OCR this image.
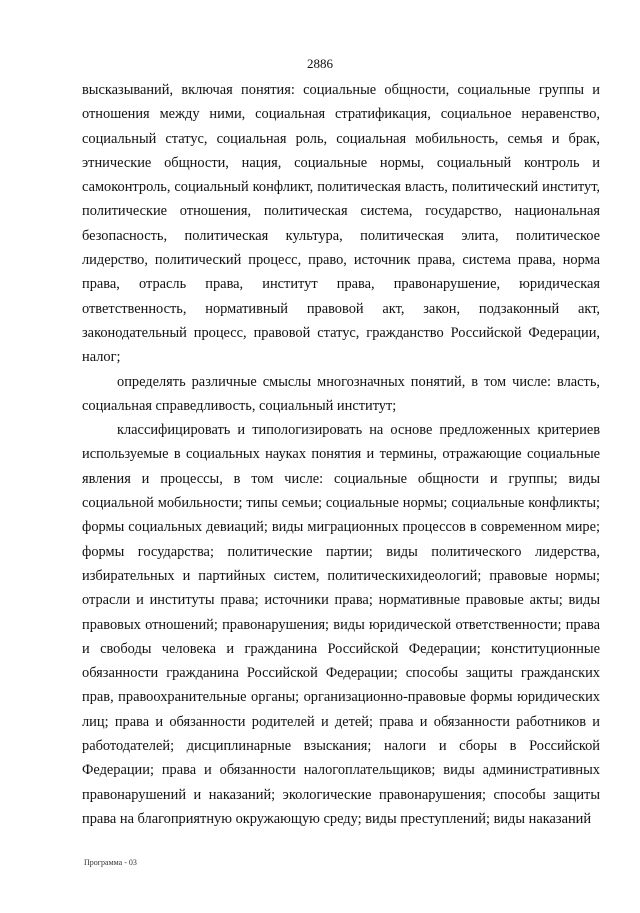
2886

высказываний, включая понятия: социальные общности, социальные группы и отношения между ними, социальная стратификация, социальное неравенство, социальный статус, социальная роль, социальная мобильность, семья и брак, этнические общности, нация, социальные нормы, социальный контроль и самоконтроль, социальный конфликт, политическая власть, политический институт, политические отношения, политическая система, государство, национальная безопасность, политическая культура, политическая элита, политическое лидерство, политический процесс, право, источник права, система права, норма права, отрасль права, институт права, правонарушение, юридическая ответственность, нормативный правовой акт, закон, подзаконный акт, законодательный процесс, правовой статус, гражданство Российской Федерации, налог;

определять различные смыслы многозначных понятий, в том числе: власть, социальная справедливость, социальный институт;

классифицировать и типологизировать на основе предложенных критериев используемые в социальных науках понятия и термины, отражающие социальные явления и процессы, в том числе: социальные общности и группы; виды социальной мобильности; типы семьи; социальные нормы; социальные конфликты; формы социальных девиаций; виды миграционных процессов в современном мире; формы государства; политические партии; виды политического лидерства, избирательных и партийных систем, политическихидеологий; правовые нормы; отрасли и институты права; источники права; нормативные правовые акты; виды правовых отношений; правонарушения; виды юридической ответственности; права и свободы человека и гражданина Российской Федерации; конституционные обязанности гражданина Российской Федерации; способы защиты гражданских прав, правоохранительные органы; организационно-правовые формы юридических лиц; права и обязанности родителей и детей; права и обязанности работников и работодателей; дисциплинарные взыскания; налоги и сборы в Российской Федерации; права и обязанности налогоплательщиков; виды административных правонарушений и наказаний; экологические правонарушения; способы защиты права на благоприятную окружающую среду; виды преступлений; виды наказаний

Программа - 03
